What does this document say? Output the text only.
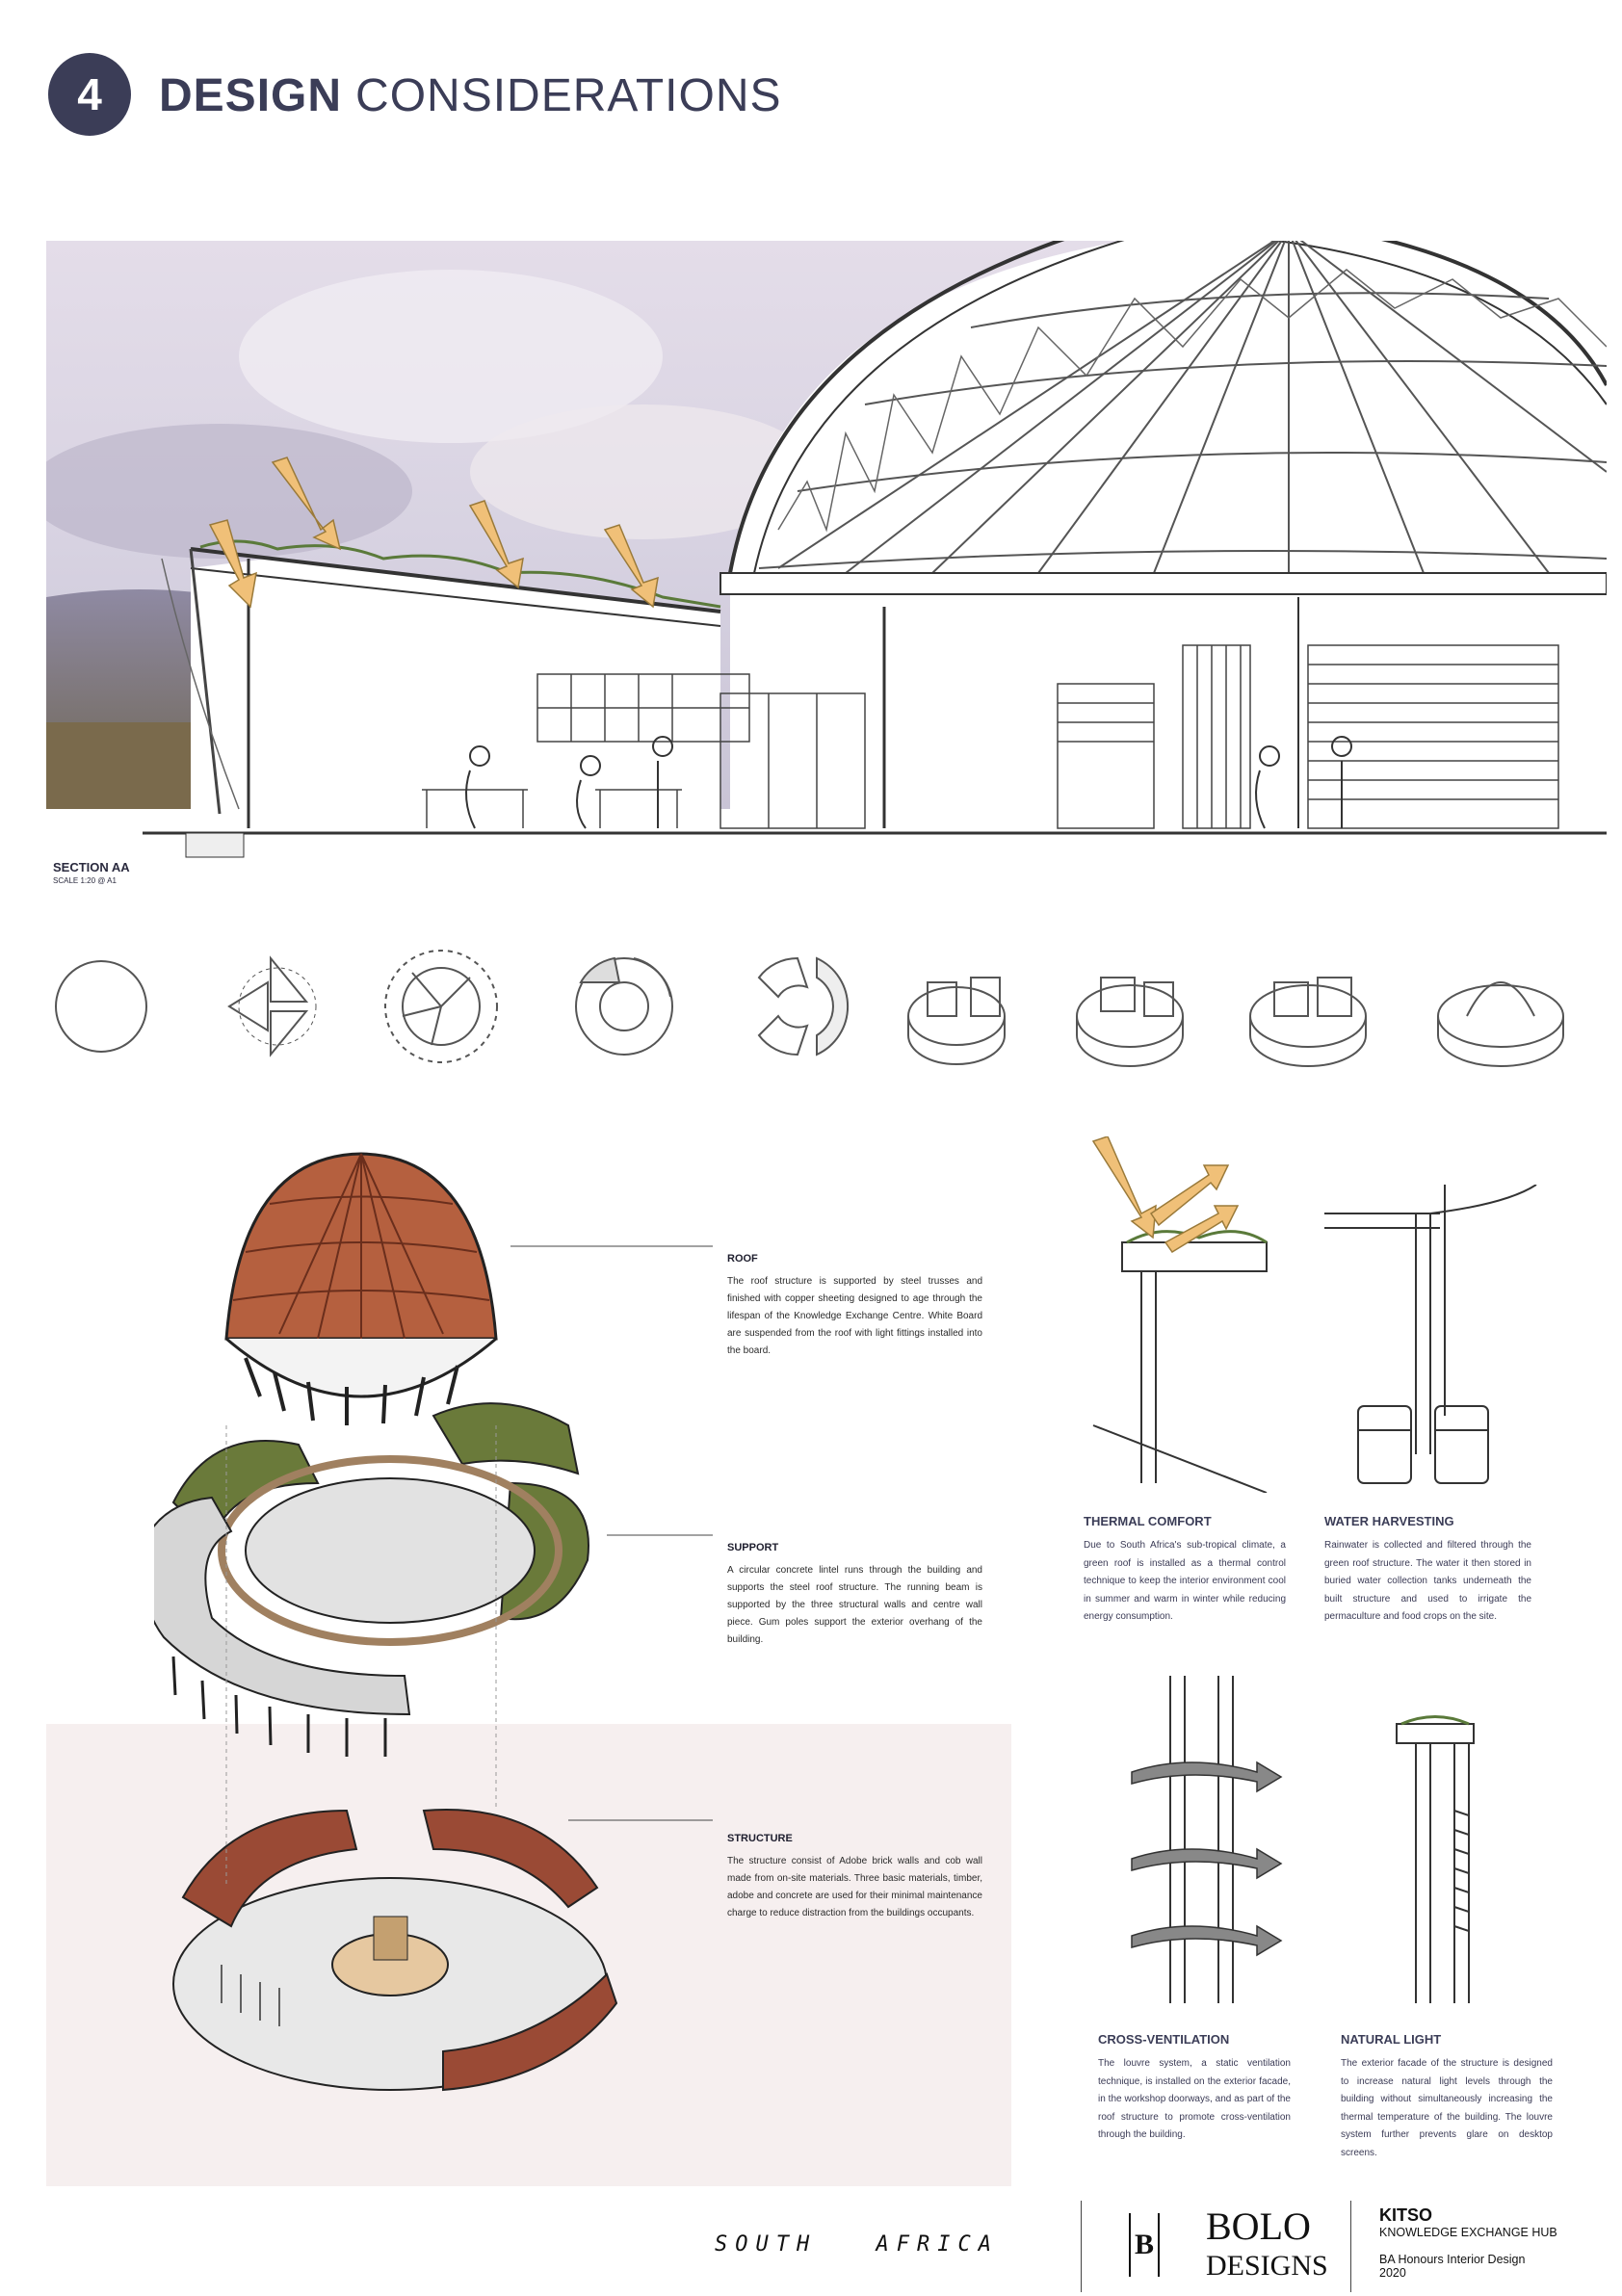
4 DESIGN CONSIDERATIONS
SECTION AA
SCALE 1:20 @ A1
ROOF
The roof structure is supported by steel trusses and finished with copper sheeting designed to age through the lifespan of the Knowledge Exchange Centre. White Board are suspended from the roof with light fittings installed into the board.
SUPPORT
A circular concrete lintel runs through the building and supports the steel roof structure. The running beam is supported by the three structural walls and centre wall piece. Gum poles support the exterior overhang of the building.
STRUCTURE
The structure consist of Adobe brick walls and cob wall made from on-site materials. Three basic materials, timber, adobe and concrete are used for their minimal maintenance charge to reduce distraction from the buildings occupants.
THERMAL COMFORT
Due to South Africa's sub-tropical climate, a green roof is installed as a thermal control technique to keep the interior environment cool in summer and warm in winter while reducing energy consumption.
WATER HARVESTING
Rainwater is collected and filtered through the green roof structure. The water it then stored in buried water collection tanks underneath the built structure and used to irrigate the permaculture and food crops on the site.
CROSS-VENTILATION
The louvre system, a static ventilation technique, is installed on the exterior facade, in the workshop doorways, and as part of the roof structure to promote cross-ventilation through the building.
NATURAL LIGHT
The exterior facade of the structure is designed to increase natural light levels through the building without simultaneously increasing the thermal temperature of the building. The louvre system further prevents glare on desktop screens.
SOUTH AFRICA	B BOLO
DESIGNS
KITSO
KNOWLEDGE EXCHANGE HUB
BA Honours Interior Design
2020
